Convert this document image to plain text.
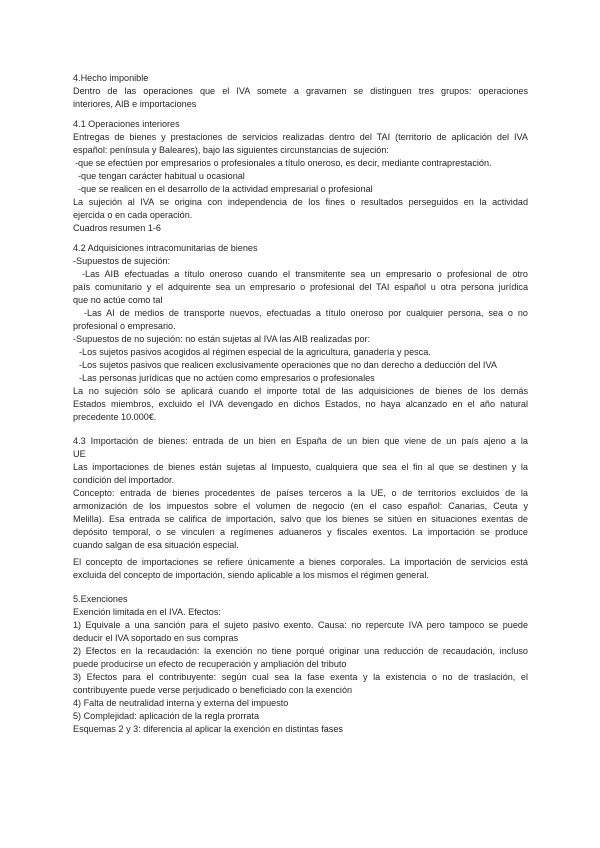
4.Hecho imponible
Dentro de las operaciones que el IVA somete a gravamen se distinguen tres grupos: operaciones
interiores, AIB e importaciones
4.1 Operaciones interiores
Entregas de bienes y prestaciones de servicios realizadas dentro del TAI (territorio de aplicación del IVA
español: península y Baleares), bajo las siguientes circunstancias de sujeción:
-que se efectúen por empresarios o profesionales a título oneroso, es decir, mediante contraprestación.
-que tengan carácter habitual u ocasional
-que se realicen en el desarrollo de la actividad empresarial o profesional
La sujeción al IVA se origina con independencia de los fines o resultados perseguidos en la actividad
ejercida o en cada operación.
Cuadros resumen 1-6
4.2 Adquisiciones intracomunitarias de bienes
-Supuestos de sujeción:
-Las AIB efectuadas a título oneroso cuando el transmitente sea un empresario o profesional de otro
país comunitario y el adquirente sea un empresario o profesional del TAI español u otra persona jurídica
que no actúe como tal
-Las AI de medios de transporte nuevos, efectuadas a título oneroso por cualquier persona, sea o no
profesional o empresario.
-Supuestos de no sujeción: no están sujetas al IVA las AIB realizadas por:
-Los sujetos pasivos acogidos al régimen especial de la agricultura, ganadería y pesca.
-Los sujetos pasivos que realicen exclusivamente operaciones que no dan derecho a deducción del IVA
-Las personas jurídicas que no actúen como empresarios o profesionales
La no sujeción sólo se aplicará cuando el importe total de las adquisiciones de bienes de los demás
Estados miembros, excluido el IVA devengado en dichos Estados, no haya alcanzado en el año natural
precedente 10.000€.
4.3 Importación de bienes: entrada de un bien en España de un bien que viene de un país ajeno a la
UE
Las importaciones de bienes están sujetas al Impuesto, cualquiera que sea el fin al que se destinen y la
condición del importador.
Concepto: entrada de bienes procedentes de países terceros a la UE, o de territorios excluidos de la
armonización de los impuestos sobre el volumen de negocio (en el caso español: Canarias, Ceuta y
Melilla). Esa entrada se califica de importación, salvo que los bienes se sitúen en situaciones exentas de
depósito temporal, o se vinculen a regímenes aduaneros y fiscales exentos. La importación se produce
cuando salgan de esa situación especial.
El concepto de importaciones se refiere únicamente a bienes corporales. La importación de servicios está
excluida del concepto de importación, siendo aplicable a los mismos el régimen general.
5.Exenciones
Exención limitada en el IVA. Efectos:
1) Equivale a una sanción para el sujeto pasivo exento. Causa: no repercute IVA pero tampoco se puede
deducir el IVA soportado en sus compras
2) Efectos en la recaudación: la exención no tiene porqué originar una reducción de recaudación, incluso
puede producirse un efecto de recuperación y ampliación del tributo
3) Efectos para el contribuyente: según cual sea la fase exenta y la existencia o no de traslación, el
contribuyente puede verse perjudicado o beneficiado con la exención
4) Falta de neutralidad interna y externa del impuesto
5) Complejidad: aplicación de la regla prorrata
Esquemas 2 y 3: diferencia al aplicar la exención en distintas fases
